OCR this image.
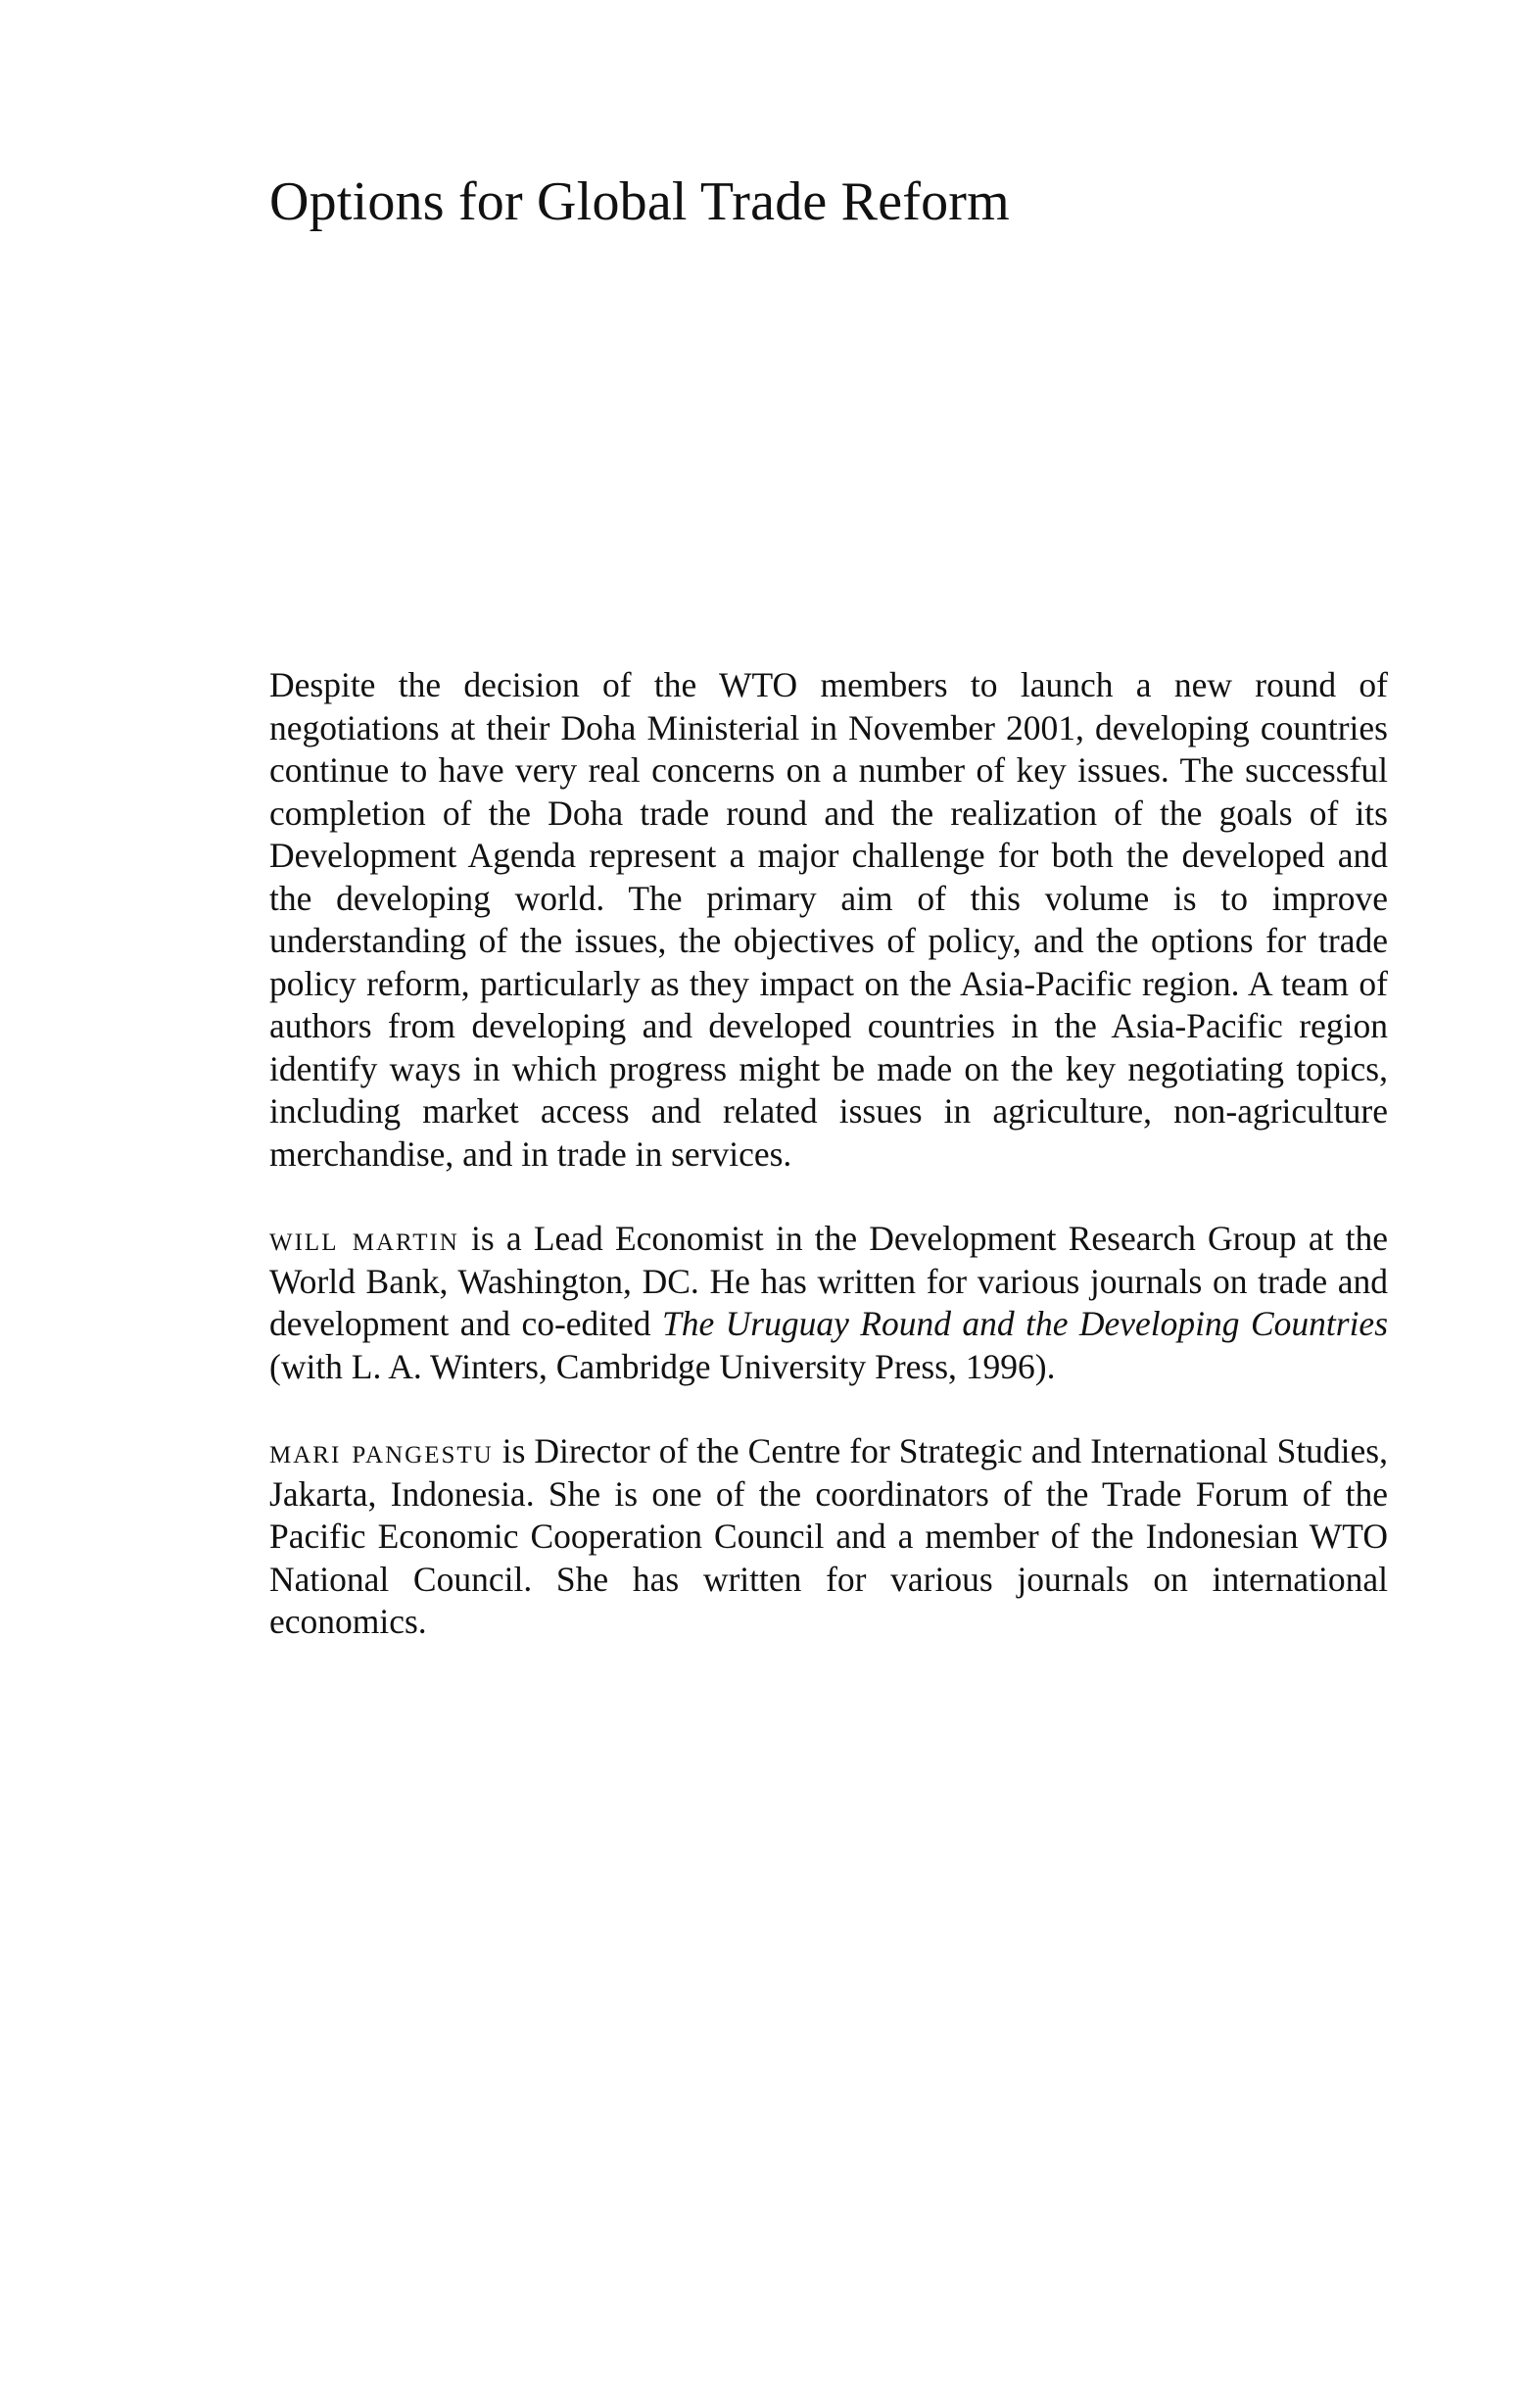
Options for Global Trade Reform

Despite the decision of the WTO members to launch a new round of negotiations at their Doha Ministerial in November 2001, developing countries continue to have very real concerns on a number of key issues. The successful completion of the Doha trade round and the realization of the goals of its Development Agenda represent a major challenge for both the developed and the developing world. The primary aim of this volume is to improve understanding of the issues, the objectives of policy, and the options for trade policy reform, particularly as they impact on the Asia-Pacific region. A team of authors from developing and developed countries in the Asia-Pacific region identify ways in which progress might be made on the key negotiating topics, including market access and related issues in agriculture, non-agriculture merchandise, and in trade in services.

will martin is a Lead Economist in the Development Research Group at the World Bank, Washington, DC. He has written for various journals on trade and development and co-edited The Uruguay Round and the Developing Countries (with L. A. Winters, Cambridge University Press, 1996).

mari pangestu is Director of the Centre for Strategic and International Studies, Jakarta, Indonesia. She is one of the coordinators of the Trade Forum of the Pacific Economic Cooperation Council and a member of the Indonesian WTO National Council. She has written for various journals on international economics.
